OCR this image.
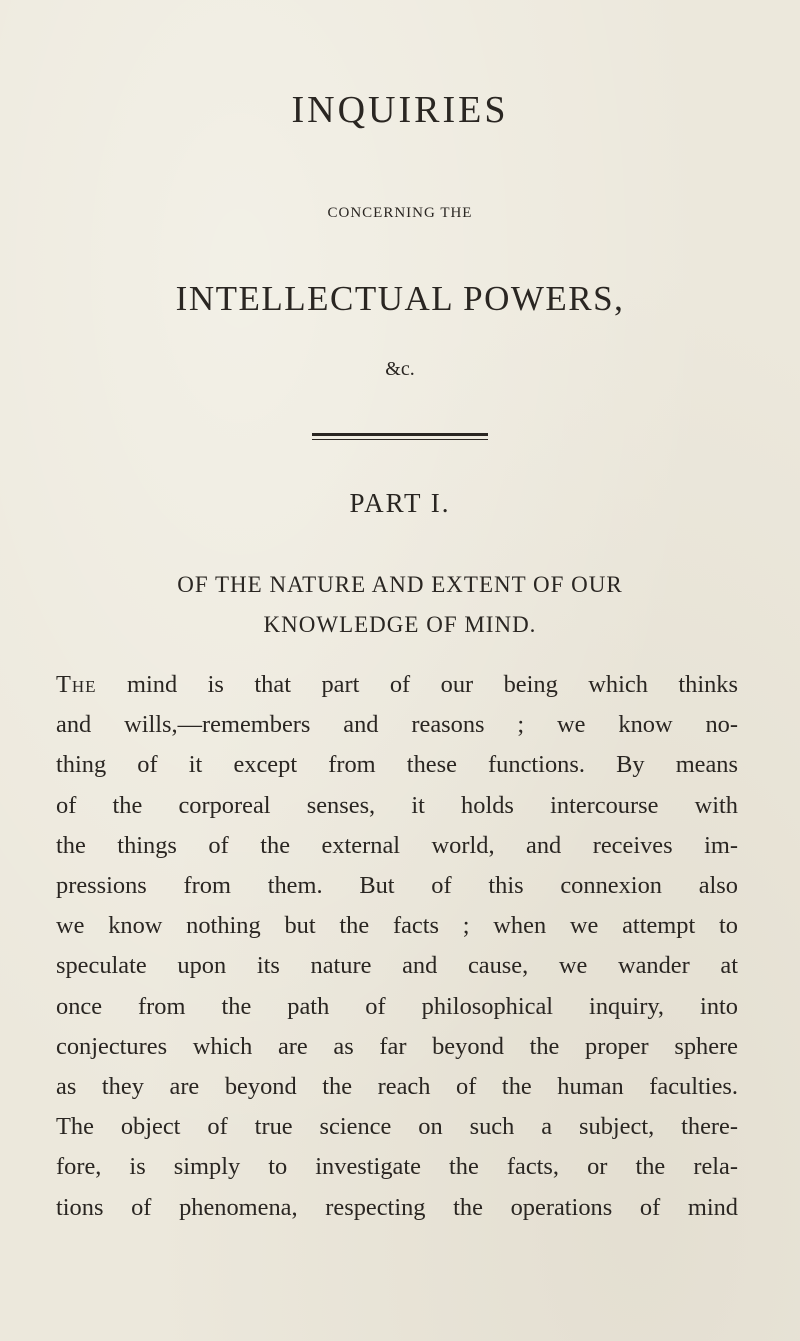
INQUIRIES
CONCERNING THE
INTELLECTUAL POWERS,
&c.
PART I.
OF THE NATURE AND EXTENT OF OUR
KNOWLEDGE OF MIND.
The mind is that part of our being which thinks
and wills,—remembers and reasons ; we know no-
thing of it except from these functions. By means
of the corporeal senses, it holds intercourse with
the things of the external world, and receives im-
pressions from them. But of this connexion also
we know nothing but the facts ; when we attempt to
speculate upon its nature and cause, we wander at
once from the path of philosophical inquiry, into
conjectures which are as far beyond the proper sphere
as they are beyond the reach of the human faculties.
The object of true science on such a subject, there-
fore, is simply to investigate the facts, or the rela-
tions of phenomena, respecting the operations of mind
